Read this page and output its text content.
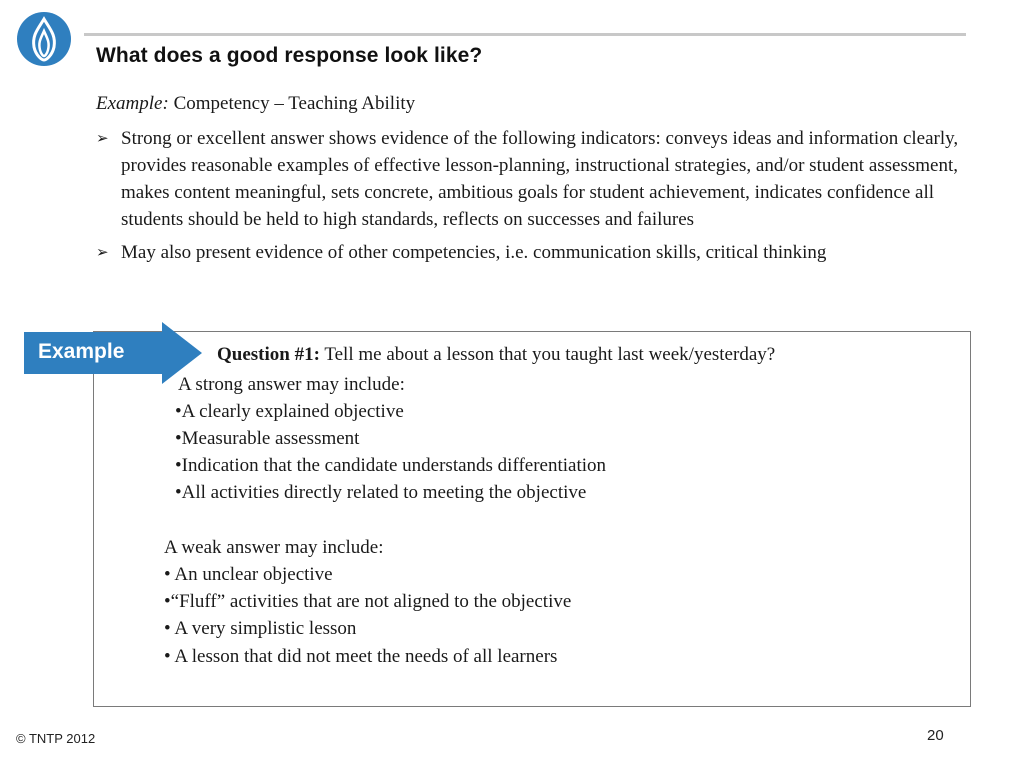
What does a good response look like?
Example: Competency – Teaching Ability
➢ Strong or excellent answer shows evidence of the following indicators: conveys ideas and information clearly, provides reasonable examples of effective lesson-planning, instructional strategies, and/or student assessment, makes content meaningful, sets concrete, ambitious goals for student achievement, indicates confidence all students should be held to high standards, reflects on successes and failures
➢ May also present evidence of other competencies, i.e. communication skills, critical thinking
Example	Question #1: Tell me about a lesson that you taught last week/yesterday?
A strong answer may include:
•A clearly explained objective
•Measurable assessment
•Indication that the candidate understands differentiation
•All activities directly related to meeting the objective
A weak answer may include:
• An unclear objective
•“Fluff” activities that are not aligned to the objective
• A very simplistic lesson
• A lesson that did not meet the needs of all learners
© TNTP 2012	20
